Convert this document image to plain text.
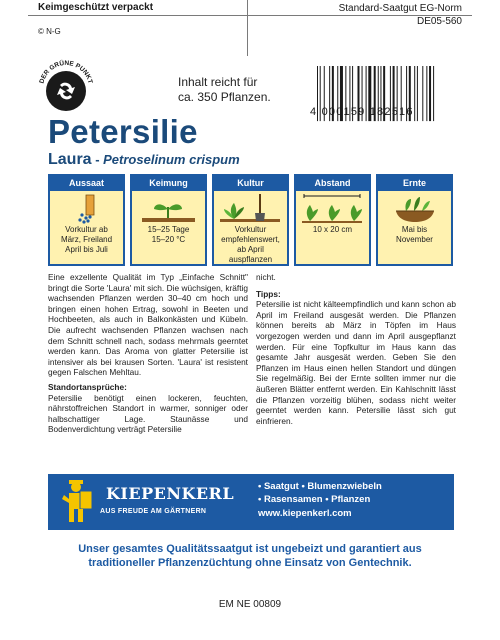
Keimgeschützt verpackt
© N-G
Standard-Saatgut EG-Norm
DE05-560
DER GRÜNE PUNKT	Inhalt reicht für
ca. 350 Pflanzen.
4 000159 182516
Petersilie
Laura - Petroselinum crispum
Aussaat
Vorkultur ab
März, Freiland
April bis Juli
Keimung
15–25 Tage
15–20 °C
Kultur
Vorkultur
empfehlenswert,
ab April
auspflanzen
Abstand
10 x 20 cm
Ernte
Mai bis
November
Eine exzellente Qualität im Typ „Einfache Schnitt" bringt die Sorte 'Laura' mit sich. Die wüchsigen, kräftig wachsenden Pflanzen werden 30–40 cm hoch und bringen einen hohen Ertrag, sowohl in Beeten und Hochbeeten, als auch in Balkonkästen und Kübeln. Die aufrecht wachsenden Pflanzen wachsen nach dem Schnitt schnell nach, sodass mehrmals geerntet werden kann. Das Aroma von glatter Petersilie ist intensiver als bei krausen Sorten. 'Laura' ist resistent gegen Falschen Mehltau.
Standortansprüche:
Petersilie benötigt einen lockeren, feuchten, nährstoffreichen Standort in warmer, sonniger oder halbschattiger Lage. Staunässe und Bodenverdichtung verträgt Petersilie
nicht.
Tipps:
Petersilie ist nicht kälteempfindlich und kann schon ab April im Freiland ausgesät werden. Die Pflanzen können bereits ab März in Töpfen im Haus vorgezogen werden und dann im April ausgepflanzt werden. Für eine Topfkultur im Haus kann das gesamte Jahr ausgesät werden. Geben Sie den Pflanzen im Haus einen hellen Standort und düngen Sie regelmäßig. Bei der Ernte sollten immer nur die äußeren Blätter entfernt werden. Ein Kahlschnitt lässt die Pflanzen vorzeitig blühen, sodass nicht weiter geerntet werden kann. Petersilie lässt sich gut einfrieren.
KIEPENKERL
AUS FREUDE AM GÄRTNERN
• Saatgut • Blumenzwiebeln
• Rasensamen • Pflanzen
www.kiepenkerl.com
Unser gesamtes Qualitätssaatgut ist ungebeizt und garantiert aus
traditioneller Pflanzenzüchtung ohne Einsatz von Gentechnik.
EM NE 00809
